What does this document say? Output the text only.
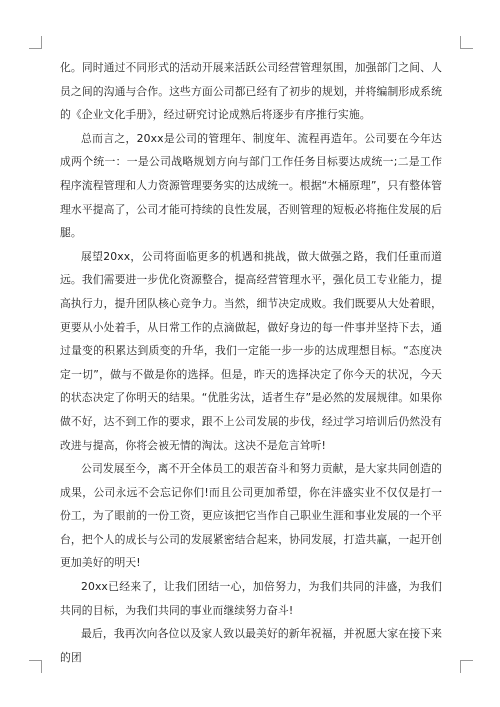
化。同时通过不同形式的活动开展来活跃公司经营管理氛围，加强部门之间、人员之间的沟通与合作。这些方面公司都已经有了初步的规划，并将编制形成系统的《企业文化手册》，经过研究讨论成熟后将逐步有序推行实施。

总而言之，20xx是公司的管理年、制度年、流程再造年。公司要在今年达成两个统一：一是公司战略规划方向与部门工作任务目标要达成统一;二是工作程序流程管理和人力资源管理要务实的达成统一。根据“木桶原理”，只有整体管理水平提高了，公司才能可持续的良性发展，否则管理的短板必将拖住发展的后腿。

展望20xx，公司将面临更多的机遇和挑战，做大做强之路，我们任重而道远。我们需要进一步优化资源整合，提高经营管理水平，强化员工专业能力，提高执行力，提升团队核心竞争力。当然，细节决定成败。我们既要从大处着眼，更要从小处着手，从日常工作的点滴做起，做好身边的每一件事并坚持下去，通过量变的积累达到质变的升华，我们一定能一步一步的达成理想目标。“态度决定一切”，做与不做是你的选择。但是，昨天的选择决定了你今天的状况，今天的状态决定了你明天的结果。“优胜劣汰，适者生存”是必然的发展规律。如果你做不好，达不到工作的要求，跟不上公司发展的步伐，经过学习培训后仍然没有改进与提高，你将会被无情的淘汰。这决不是危言耸听!

公司发展至今，离不开全体员工的艰苦奋斗和努力贡献，是大家共同创造的成果，公司永远不会忘记你们!而且公司更加希望，你在沣盛实业不仅仅是打一份工，为了眼前的一份工资，更应该把它当作自己职业生涯和事业发展的一个平台，把个人的成长与公司的发展紧密结合起来，协同发展，打造共赢，一起开创更加美好的明天!

20xx已经来了，让我们团结一心，加倍努力，为我们共同的沣盛，为我们共同的目标，为我们共同的事业而继续努力奋斗!

最后，我再次向各位以及家人致以最美好的新年祝福，并祝愿大家在接下来的团
